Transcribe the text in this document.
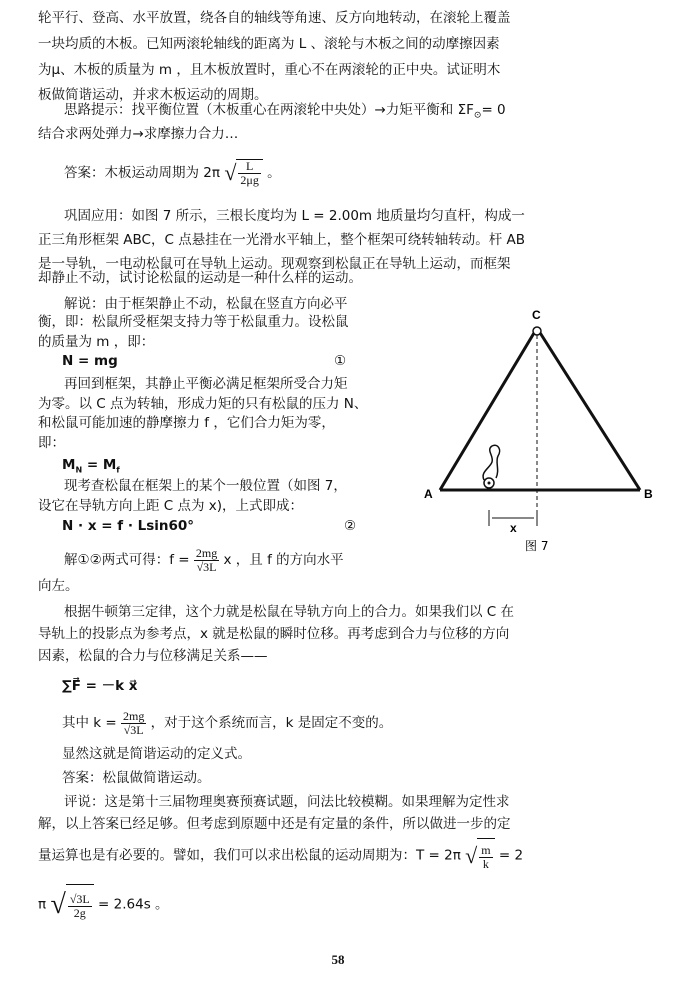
轮平行、登高、水平放置，绕各自的轴线等角速、反方向地转动，在滚轮上覆盖
一块均质的木板。已知两滚轮轴线的距离为 L 、滚轮与木板之间的动摩擦因素
为μ、木板的质量为 m ，且木板放置时，重心不在两滚轮的正中央。试证明木
板做简谐运动，并求木板运动的周期。
思路提示：找平衡位置（木板重心在两滚轮中央处）→力矩平衡和 $\Sigma F_⊙= 0$
结合求两处弹力→求摩擦力合力…
答案：木板运动周期为 2π √ $\frac{L}{2\mu g}$ 。
巩固应用：如图 7 所示，三根长度均为 L = 2.00m 地质量均匀直杆，构成一
正三角形框架 ABC，C 点悬挂在一光滑水平轴上，整个框架可绕转轴转动。杆 AB
是一导轨，一电动松鼠可在导轨上运动。现观察到松鼠正在导轨上运动，而框架
却静止不动，试讨论松鼠的运动是一种什么样的运动。
解说：由于框架静止不动，松鼠在竖直方向必平
衡，即：松鼠所受框架支持力等于松鼠重力。设松鼠
的质量为 m ，即：
N = mg	①
再回到框架，其静止平衡必满足框架所受合力矩
为零。以 C 点为转轴，形成力矩的只有松鼠的压力 N、
和松鼠可能加速的静摩擦力 f ，它们合力矩为零，
即：
$M_N = M_f$
现考查松鼠在框架上的某个一般位置（如图 7，
设它在导轨方向上距 C 点为 x)，上式即成：
N · x = f · Lsin60°	②
解①②两式可得：$f = \frac{2mg}{√3L}$ x ，且 f 的方向水平
向左。
根据牛顿第三定律，这个力就是松鼠在导轨方向上的合力。如果我们以 C 在
导轨上的投影点为参考点，x 就是松鼠的瞬时位移。再考虑到合力与位移的方向
因素，松鼠的合力与位移满足关系——
∑F⃗ = －k x⃗
其中 $k = \frac{2mg}{√3L}$ ，对于这个系统而言，k 是固定不变的。
显然这就是简谐运动的定义式。
答案：松鼠做简谐运动。
评说：这是第十三届物理奥赛预赛试题，问法比较模糊。如果理解为定性求
解，以上答案已经足够。但考虑到原题中还是有定量的条件，所以做进一步的定
量运算也是有必要的。譬如，我们可以求出松鼠的运动周期为：T = 2π √ $\frac{m}{k} = 2$
π √ $\frac{√3L}{2g} = 2.64s$ 。
C
A	B
x
图 7
58
